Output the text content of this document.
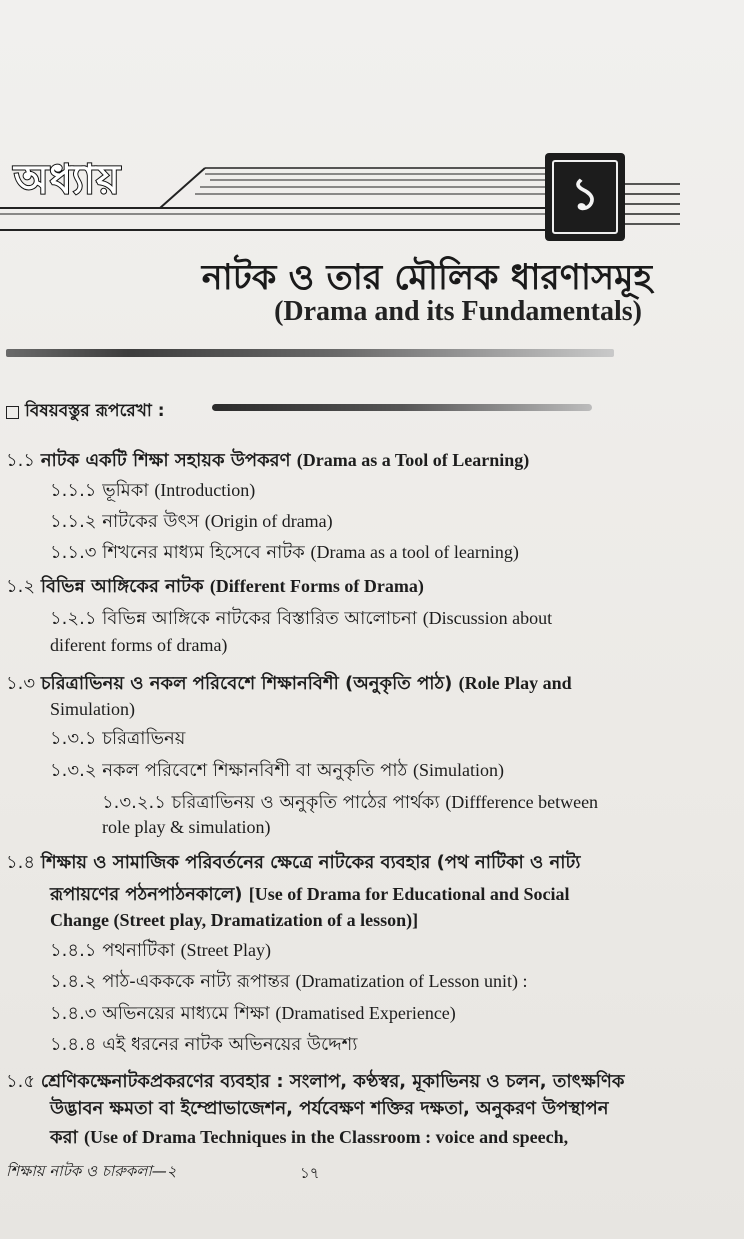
অধ্যায়	১
নাটক ও তার মৌলিক ধারণাসমূহ
(Drama and its Fundamentals)
বিষয়বস্তুর রূপরেখা :
১.১ নাটক একটি শিক্ষা সহায়ক উপকরণ (Drama as a Tool of Learning)
১.১.১ ভূমিকা (Introduction)
১.১.২ নাটকের উৎস (Origin of drama)
১.১.৩ শিখনের মাধ্যম হিসেবে নাটক (Drama as a tool of learning)
১.২ বিভিন্ন আঙ্গিকের নাটক (Different Forms of Drama)
১.২.১ বিভিন্ন আঙ্গিকে নাটকের বিস্তারিত আলোচনা (Discussion about
diferent forms of drama)
১.৩ চরিত্রাভিনয় ও নকল পরিবেশে শিক্ষানবিশী (অনুকৃতি পাঠ) (Role Play and
Simulation)
১.৩.১ চরিত্রাভিনয়
১.৩.২ নকল পরিবেশে শিক্ষানবিশী বা অনুকৃতি পাঠ (Simulation)
১.৩.২.১ চরিত্রাভিনয় ও অনুকৃতি পাঠের পার্থক্য (Diffference between
role play & simulation)
১.৪ শিক্ষায় ও সামাজিক পরিবর্তনের ক্ষেত্রে নাটকের ব্যবহার (পথ নাটিকা ও নাট্য
রূপায়ণের পঠনপাঠনকালে) [Use of Drama for Educational and Social
Change (Street play, Dramatization of a lesson)]
১.৪.১ পথনাটিকা (Street Play)
১.৪.২ পাঠ-একককে নাট্য রূপান্তর (Dramatization of Lesson unit) :
১.৪.৩ অভিনয়ের মাধ্যমে শিক্ষা (Dramatised Experience)
১.৪.৪ এই ধরনের নাটক অভিনয়ের উদ্দেশ্য
১.৫ শ্রেণিকক্ষেনাটকপ্রকরণের ব্যবহার : সংলাপ, কণ্ঠস্বর, মূকাভিনয় ও চলন, তাৎক্ষণিক
উদ্ভাবন ক্ষমতা বা ইম্প্রোভাজেশন, পর্যবেক্ষণ শক্তির দক্ষতা, অনুকরণ উপস্থাপন
করা (Use of Drama Techniques in the Classroom : voice and speech,
শিক্ষায় নাটক ও চারুকলা—২	১৭
